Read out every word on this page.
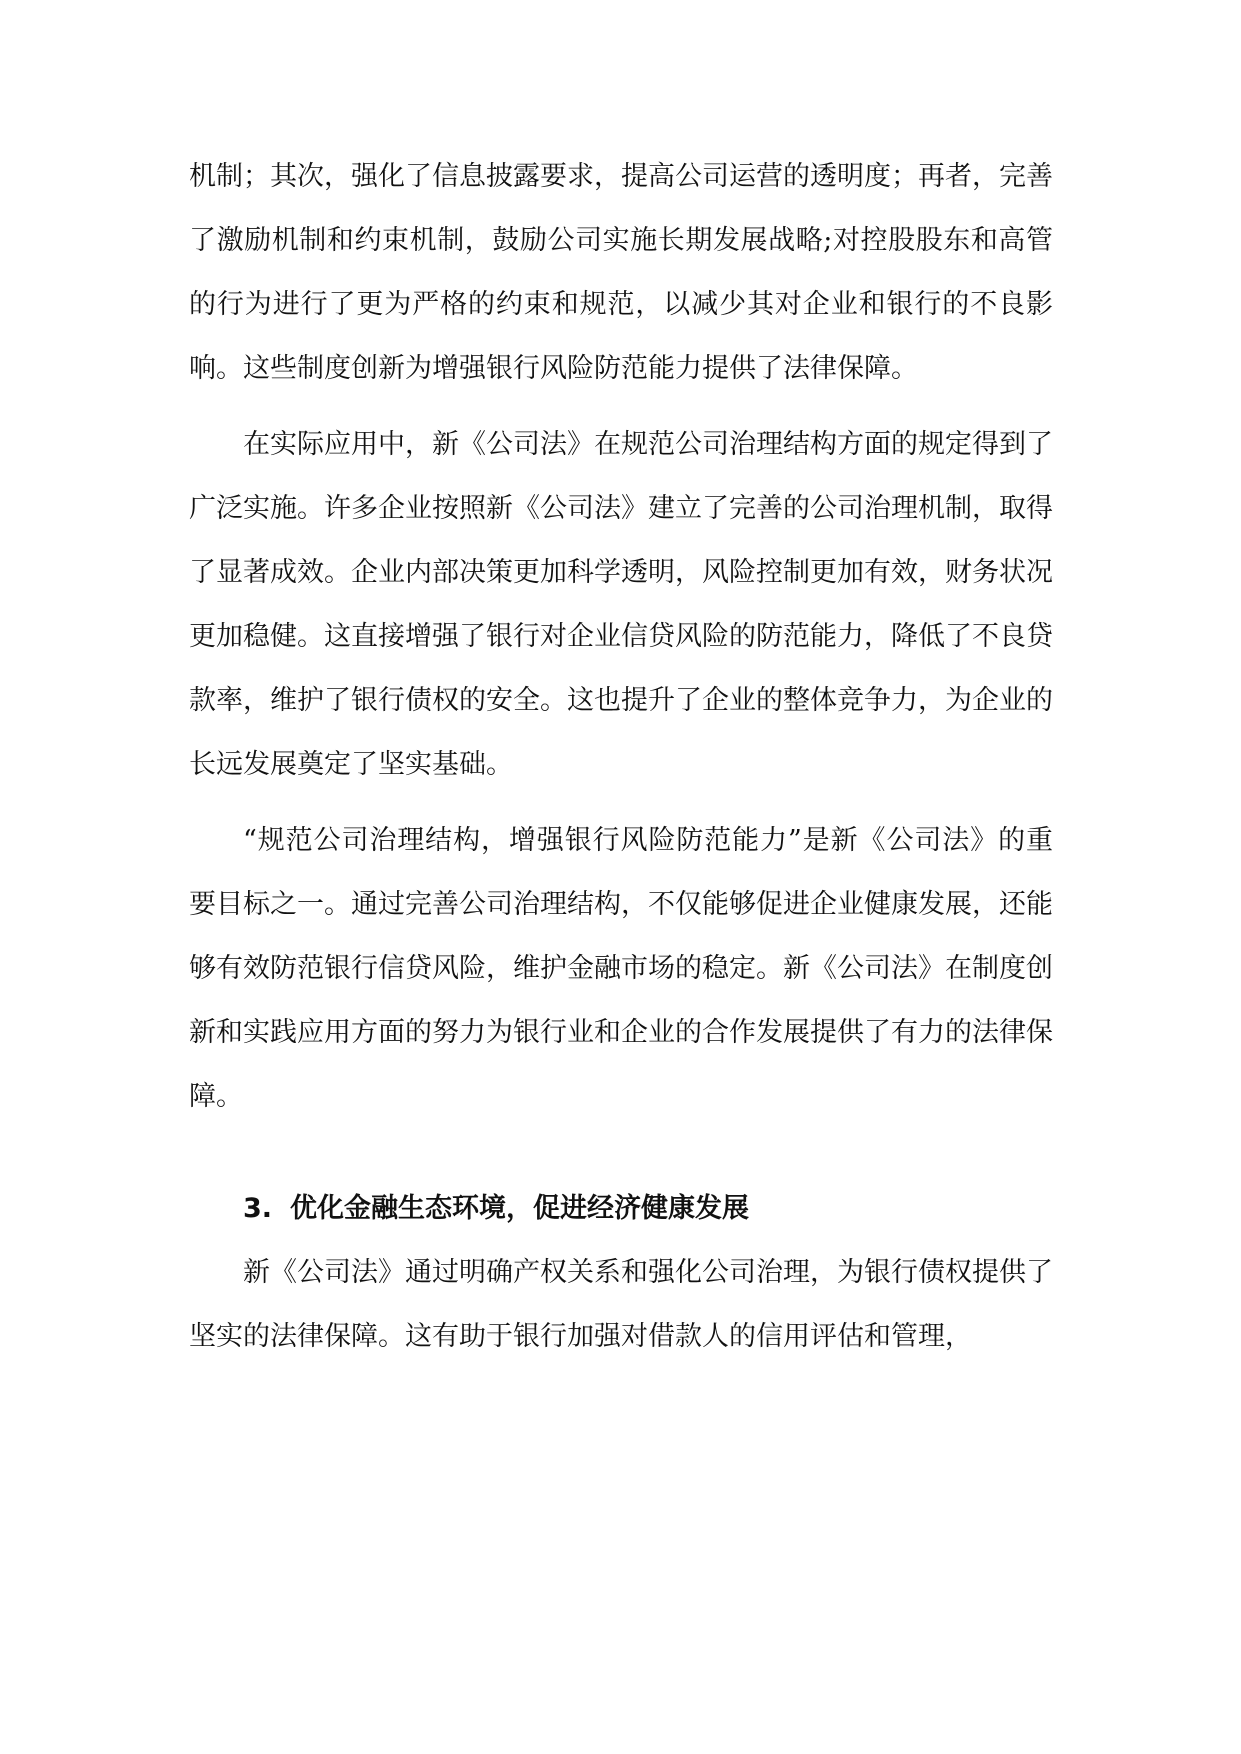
机制；其次，强化了信息披露要求，提高公司运营的透明度；再者，完善了激励机制和约束机制，鼓励公司实施长期发展战略;对控股股东和高管的行为进行了更为严格的约束和规范，以减少其对企业和银行的不良影响。这些制度创新为增强银行风险防范能力提供了法律保障。

在实际应用中，新《公司法》在规范公司治理结构方面的规定得到了广泛实施。许多企业按照新《公司法》建立了完善的公司治理机制，取得了显著成效。企业内部决策更加科学透明，风险控制更加有效，财务状况更加稳健。这直接增强了银行对企业信贷风险的防范能力，降低了不良贷款率，维护了银行债权的安全。这也提升了企业的整体竞争力，为企业的长远发展奠定了坚实基础。

“规范公司治理结构，增强银行风险防范能力”是新《公司法》的重要目标之一。通过完善公司治理结构，不仅能够促进企业健康发展，还能够有效防范银行信贷风险，维护金融市场的稳定。新《公司法》在制度创新和实践应用方面的努力为银行业和企业的合作发展提供了有力的法律保障。

3. 优化金融生态环境，促进经济健康发展

新《公司法》通过明确产权关系和强化公司治理，为银行债权提供了坚实的法律保障。这有助于银行加强对借款人的信用评估和管理，
